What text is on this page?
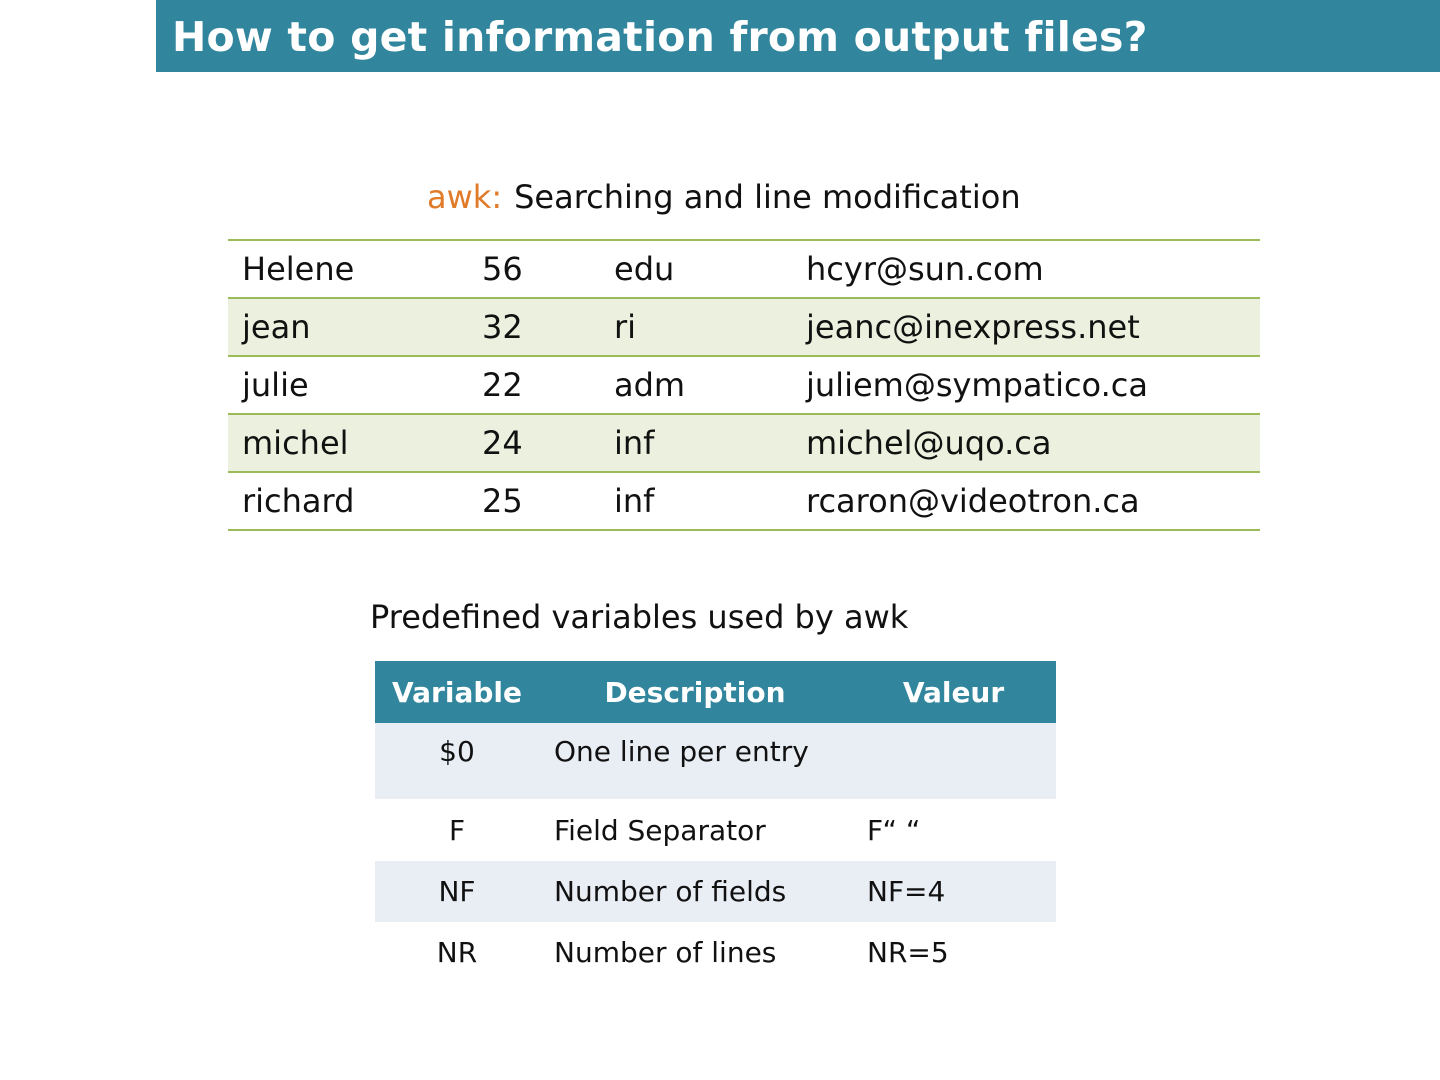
How to get information from output files?
awk: Searching and line modification
Helene	56	edu	hcyr@sun.com
jean	32	ri	jeanc@inexpress.net
julie	22	adm	juliem@sympatico.ca
michel	24	inf	michel@uqo.ca
richard	25	inf	rcaron@videotron.ca
Predefined variables used by awk
Variable	Description	Valeur
$0	One line per entry	
F	Field Separator	F“ “
NF	Number of fields	NF=4
NR	Number of lines	NR=5
